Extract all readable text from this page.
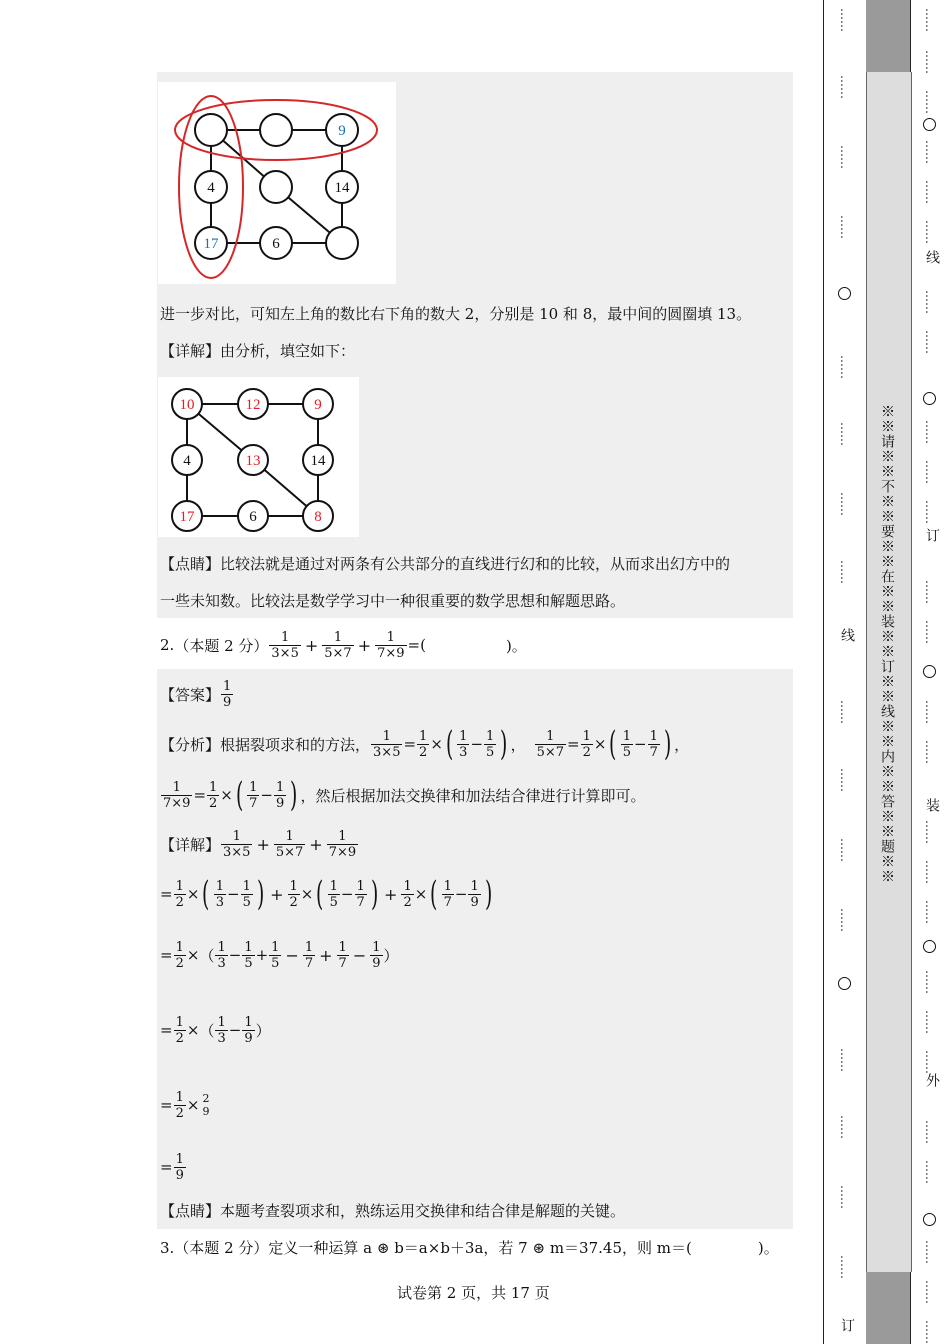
9
4	14
17	6
进一步对比，可知左上角的数比右下角的数大 2，分别是 10 和 8，最中间的圆圈填 13。
【详解】由分析，填空如下：
10	12	9
4	13	14
17	6	8
【点睛】比较法就是通过对两条有公共部分的直线进行幻和的比较，从而求出幻方中的
一些未知数。比较法是数学学习中一种很重要的数学思想和解题思路。
2. （本题 2 分） $\frac{1}{3\times 5} + \frac{1}{5\times 7} + \frac{1}{7\times 9}$ =(	)。
【答案】 $\frac{1}{9}$
【分析】 根据裂项求和的方法， $\frac{1}{3\times 5} = \frac{1}{2}$ × ( $\frac{1}{3} - \frac{1}{5}$ ) ， $\frac{1}{5\times 7} = \frac{1}{2}$ × ( $\frac{1}{5} - \frac{1}{7}$ ) ，
$\frac{1}{7\times 9} = \frac{1}{2}$ × ( $\frac{1}{7} - \frac{1}{9}$ ) ，然后根据加法交换律和加法结合律进行计算即可。
【详解】 $\frac{1}{3\times 5} + \frac{1}{5\times 7} + \frac{1}{7\times 9}$
= $\frac{1}{2}$ × ( $\frac{1}{3} - \frac{1}{5}$ ) + $\frac{1}{2}$ × ( $\frac{1}{5} - \frac{1}{7}$ ) + $\frac{1}{2}$ × ( $\frac{1}{7} - \frac{1}{9}$ )
= $\frac{1}{2}$ × （ $\frac{1}{3} - \frac{1}{5} + \frac{1}{5} - \frac{1}{7} + \frac{1}{7} - \frac{1}{9}$ ）
= $\frac{1}{2}$ × （ $\frac{1}{3} - \frac{1}{9}$ ）
= $\frac{1}{2} \times 2$
9
= $\frac{1}{9}$
【点睛】本题考查裂项求和，熟练运用交换律和结合律是解题的关键。
3.（本题 2 分）定义一种运算 a ⊛ b＝a×b＋3a，若 7 ⊛ m＝37.45，则 m＝(	)。
试卷第 2 页，共 17 页
※※请※※不※※要※※在※※装※※订※※线※※内※※答※※题※※
……
……
……
……
……
……
……
……
……
……
……
……
……
……
……
……
线
订
……
……
……
……
……
……
……
……
……
……
……
……
……
……
……
……
……
……
……
……
……
……
……
……
……
……
线
订
装
外
